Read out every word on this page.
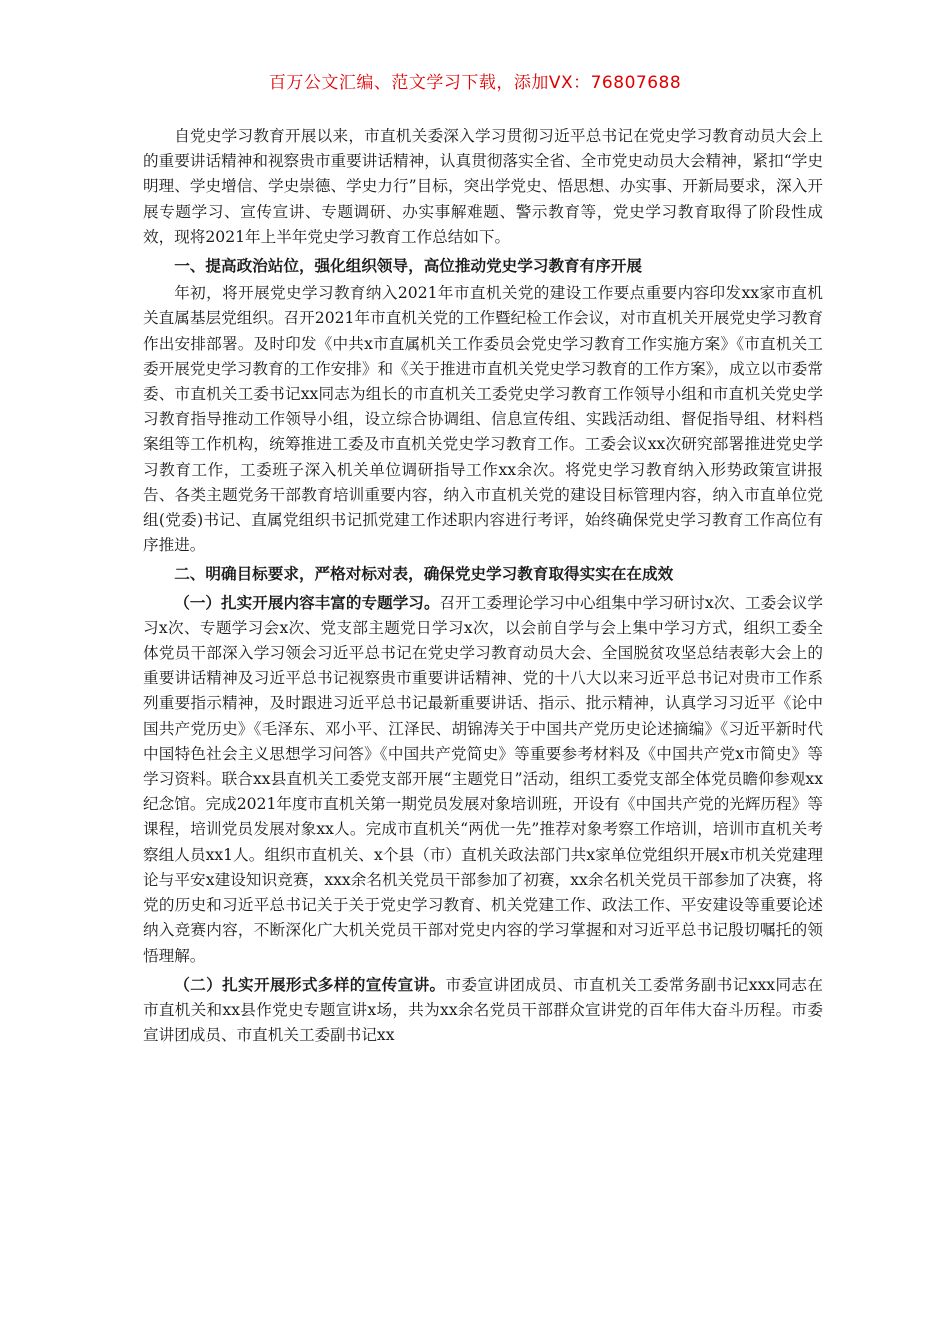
百万公文汇编、范文学习下载，添加VX：76807688

自党史学习教育开展以来，市直机关委深入学习贯彻习近平总书记在党史学习教育动员大会上的重要讲话精神和视察贵市重要讲话精神，认真贯彻落实全省、全市党史动员大会精神，紧扣“学史明理、学史增信、学史崇德、学史力行”目标，突出学党史、悟思想、办实事、开新局要求，深入开展专题学习、宣传宣讲、专题调研、办实事解难题、警示教育等，党史学习教育取得了阶段性成效，现将2021年上半年党史学习教育工作总结如下。

一、提高政治站位，强化组织领导，高位推动党史学习教育有序开展

年初，将开展党史学习教育纳入2021年市直机关党的建设工作要点重要内容印发xx家市直机关直属基层党组织。召开2021年市直机关党的工作暨纪检工作会议，对市直机关开展党史学习教育作出安排部署。及时印发《中共x市直属机关工作委员会党史学习教育工作实施方案》《市直机关工委开展党史学习教育的工作安排》和《关于推进市直机关党史学习教育的工作方案》，成立以市委常委、市直机关工委书记xx同志为组长的市直机关工委党史学习教育工作领导小组和市直机关党史学习教育指导推动工作领导小组，设立综合协调组、信息宣传组、实践活动组、督促指导组、材料档案组等工作机构，统筹推进工委及市直机关党史学习教育工作。工委会议xx次研究部署推进党史学习教育工作，工委班子深入机关单位调研指导工作xx余次。将党史学习教育纳入形势政策宣讲报告、各类主题党务干部教育培训重要内容，纳入市直机关党的建设目标管理内容，纳入市直单位党组(党委)书记、直属党组织书记抓党建工作述职内容进行考评，始终确保党史学习教育工作高位有序推进。

二、明确目标要求，严格对标对表，确保党史学习教育取得实实在在成效

（一）扎实开展内容丰富的专题学习。召开工委理论学习中心组集中学习研讨x次、工委会议学习x次、专题学习会x次、党支部主题党日学习x次，以会前自学与会上集中学习方式，组织工委全体党员干部深入学习领会习近平总书记在党史学习教育动员大会、全国脱贫攻坚总结表彰大会上的重要讲话精神及习近平总书记视察贵市重要讲话精神、党的十八大以来习近平总书记对贵市工作系列重要指示精神，及时跟进习近平总书记最新重要讲话、指示、批示精神，认真学习习近平《论中国共产党历史》《毛泽东、邓小平、江泽民、胡锦涛关于中国共产党历史论述摘编》《习近平新时代中国特色社会主义思想学习问答》《中国共产党简史》等重要参考材料及《中国共产党x市简史》等学习资料。联合xx县直机关工委党支部开展“主题党日”活动，组织工委党支部全体党员瞻仰参观xx纪念馆。完成2021年度市直机关第一期党员发展对象培训班，开设有《中国共产党的光辉历程》等课程，培训党员发展对象xx人。完成市直机关“两优一先”推荐对象考察工作培训，培训市直机关考察组人员xx1人。组织市直机关、x个县（市）直机关政法部门共x家单位党组织开展x市机关党建理论与平安x建设知识竞赛，xxx余名机关党员干部参加了初赛，xx余名机关党员干部参加了决赛，将党的历史和习近平总书记关于关于党史学习教育、机关党建工作、政法工作、平安建设等重要论述纳入竞赛内容，不断深化广大机关党员干部对党史内容的学习掌握和对习近平总书记殷切嘱托的领悟理解。

（二）扎实开展形式多样的宣传宣讲。市委宣讲团成员、市直机关工委常务副书记xxx同志在市直机关和xx县作党史专题宣讲x场，共为xx余名党员干部群众宣讲党的百年伟大奋斗历程。市委宣讲团成员、市直机关工委副书记xx
